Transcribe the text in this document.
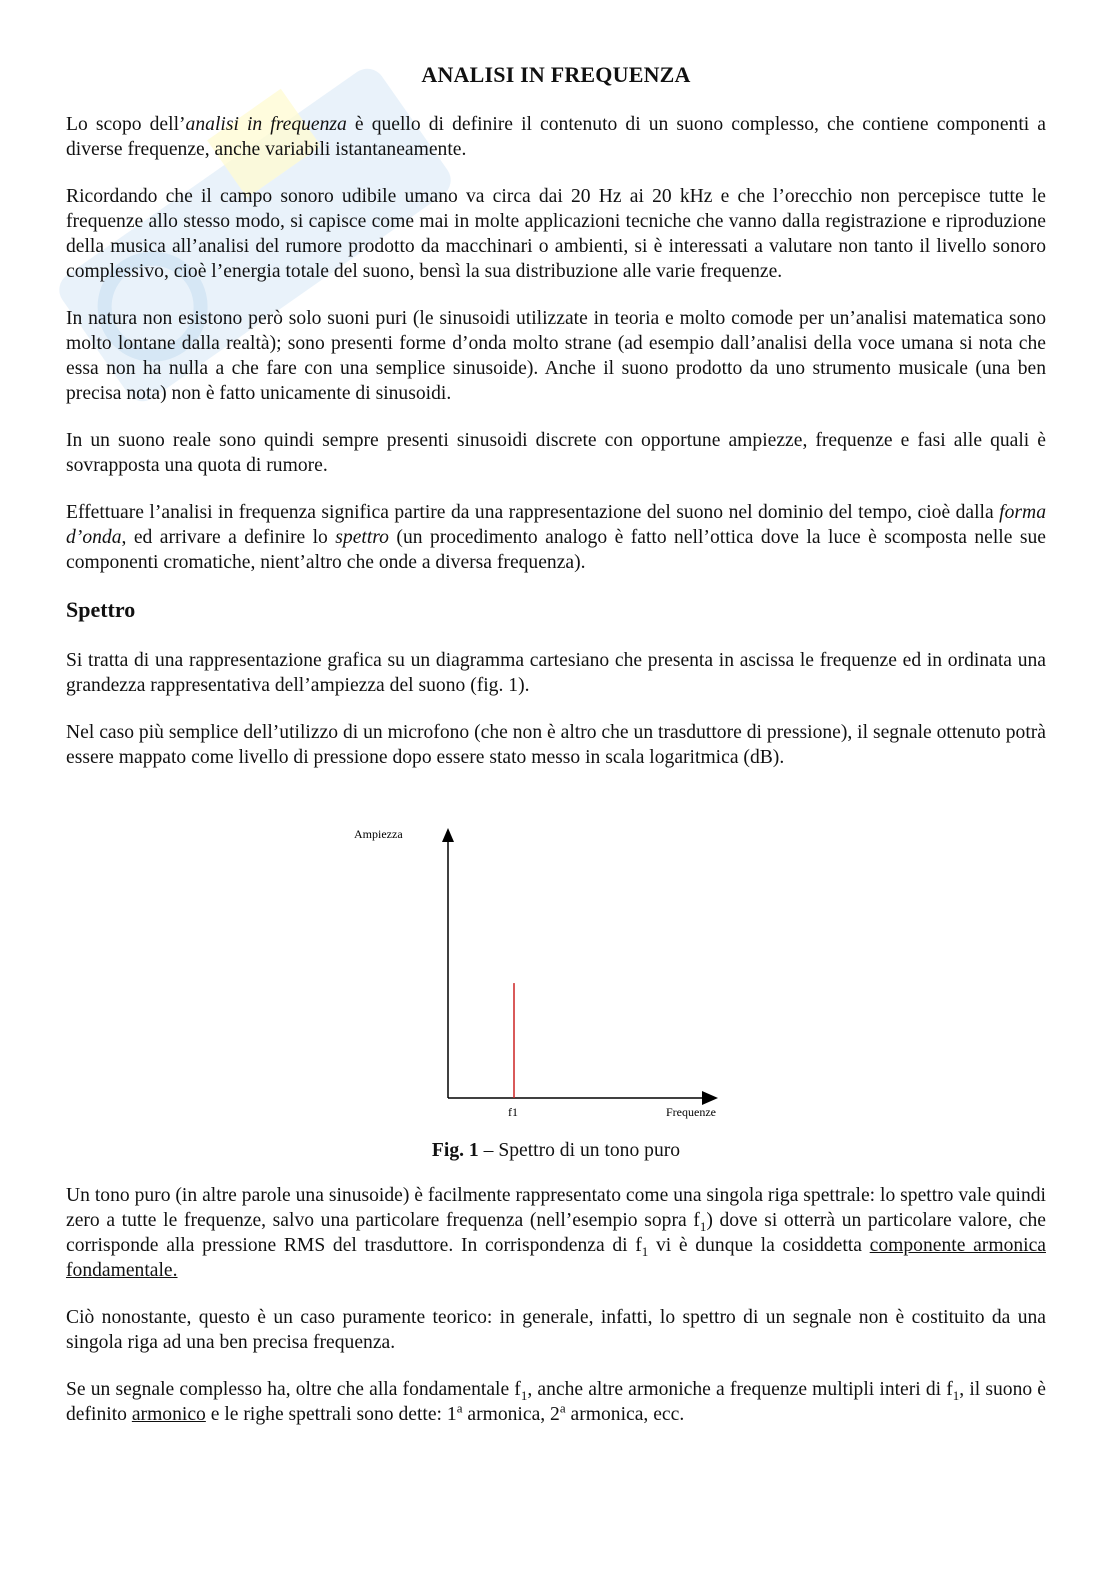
ANALISI IN FREQUENZA

Lo scopo dell’analisi in frequenza è quello di definire il contenuto di un suono complesso, che contiene componenti a diverse frequenze, anche variabili istantaneamente.

Ricordando che il campo sonoro udibile umano va circa dai 20 Hz ai 20 kHz e che l’orecchio non percepisce tutte le frequenze allo stesso modo, si capisce come mai in molte applicazioni tecniche che vanno dalla registrazione e riproduzione della musica all’analisi del rumore prodotto da macchinari o ambienti, si è interessati a valutare non tanto il livello sonoro complessivo, cioè l’energia totale del suono, bensì la sua distribuzione alle varie frequenze.

In natura non esistono però solo suoni puri (le sinusoidi utilizzate in teoria e molto comode per un’analisi matematica sono molto lontane dalla realtà); sono presenti forme d’onda molto strane (ad esempio dall’analisi della voce umana si nota che essa non ha nulla a che fare con una semplice sinusoide). Anche il suono prodotto da uno strumento musicale (una ben precisa nota) non è fatto unicamente di sinusoidi.

In un suono reale sono quindi sempre presenti sinusoidi discrete con opportune ampiezze, frequenze e fasi alle quali è sovrapposta una quota di rumore.

Effettuare l’analisi in frequenza significa partire da una rappresentazione del suono nel dominio del tempo, cioè dalla forma d’onda, ed arrivare a definire lo spettro (un procedimento analogo è fatto nell’ottica dove la luce è scomposta nelle sue componenti cromatiche, nient’altro che onde a diversa frequenza).

Spettro

Si tratta di una rappresentazione grafica su un diagramma cartesiano che presenta in ascissa le frequenze ed in ordinata una grandezza rappresentativa dell’ampiezza del suono (fig. 1).

Nel caso più semplice dell’utilizzo di un microfono (che non è altro che un trasduttore di pressione), il segnale ottenuto potrà essere mappato come livello di pressione dopo essere stato messo in scala logaritmica (dB).

Ampiezza
Frequenze
f1

Fig. 1 – Spettro di un tono puro

Un tono puro (in altre parole una sinusoide) è facilmente rappresentato come una singola riga spettrale: lo spettro vale quindi zero a tutte le frequenze, salvo una particolare frequenza (nell’esempio sopra $f_1$) dove si otterrà un particolare valore, che corrisponde alla pressione RMS del trasduttore. In corrispondenza di $f_1$ vi è dunque la cosiddetta componente armonica fondamentale.

Ciò nonostante, questo è un caso puramente teorico: in generale, infatti, lo spettro di un segnale non è costituito da una singola riga ad una ben precisa frequenza.

Se un segnale complesso ha, oltre che alla fondamentale $f_1$, anche altre armoniche a frequenze multipli interi di $f_1$, il suono è definito armonico e le righe spettrali sono dette: 1$^a$ armonica, 2$^a$ armonica, ecc.
